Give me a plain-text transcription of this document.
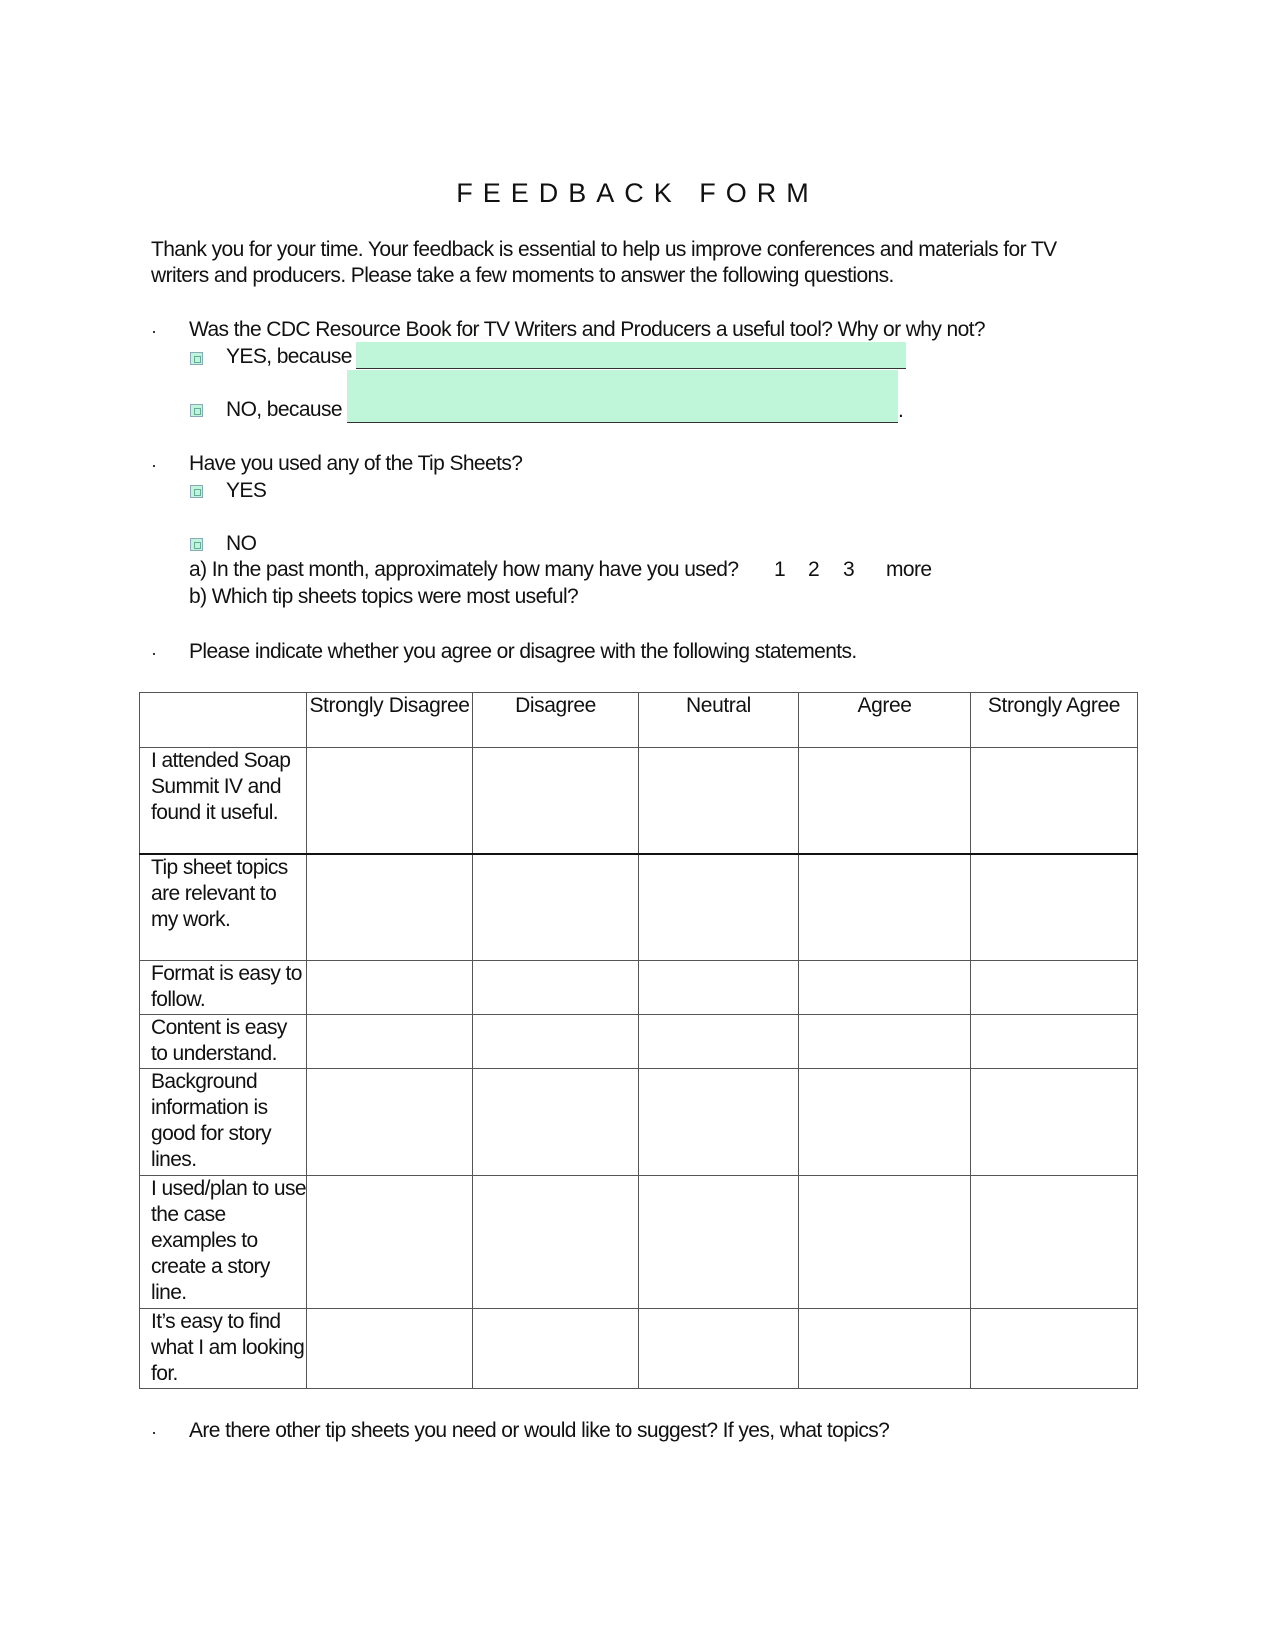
FEEDBACK FORM
Thank you for your time. Your feedback is essential to help us improve conferences and materials for TV
writers and producers. Please take a few moments to answer the following questions.
· Was the CDC Resource Book for TV Writers and Producers a useful tool? Why or why not?
YES, because
NO, because	.
· Have you used any of the Tip Sheets?
YES
NO
a) In the past month, approximately how many have you used? 1 2 3 more
b) Which tip sheets topics were most useful?
· Please indicate whether you agree or disagree with the following statements.
	Strongly Disagree	Disagree	Neutral	Agree	Strongly Agree
I attended Soap Summit IV and found it useful.	

Tip sheet topics are relevant to my work.	

Format is easy to follow.	

Content is easy to understand.	

Background information is good for story lines.	

I used/plan to use the case examples to create a story line.	

It’s easy to find what I am looking for.	

· Are there other tip sheets you need or would like to suggest? If yes, what topics?
